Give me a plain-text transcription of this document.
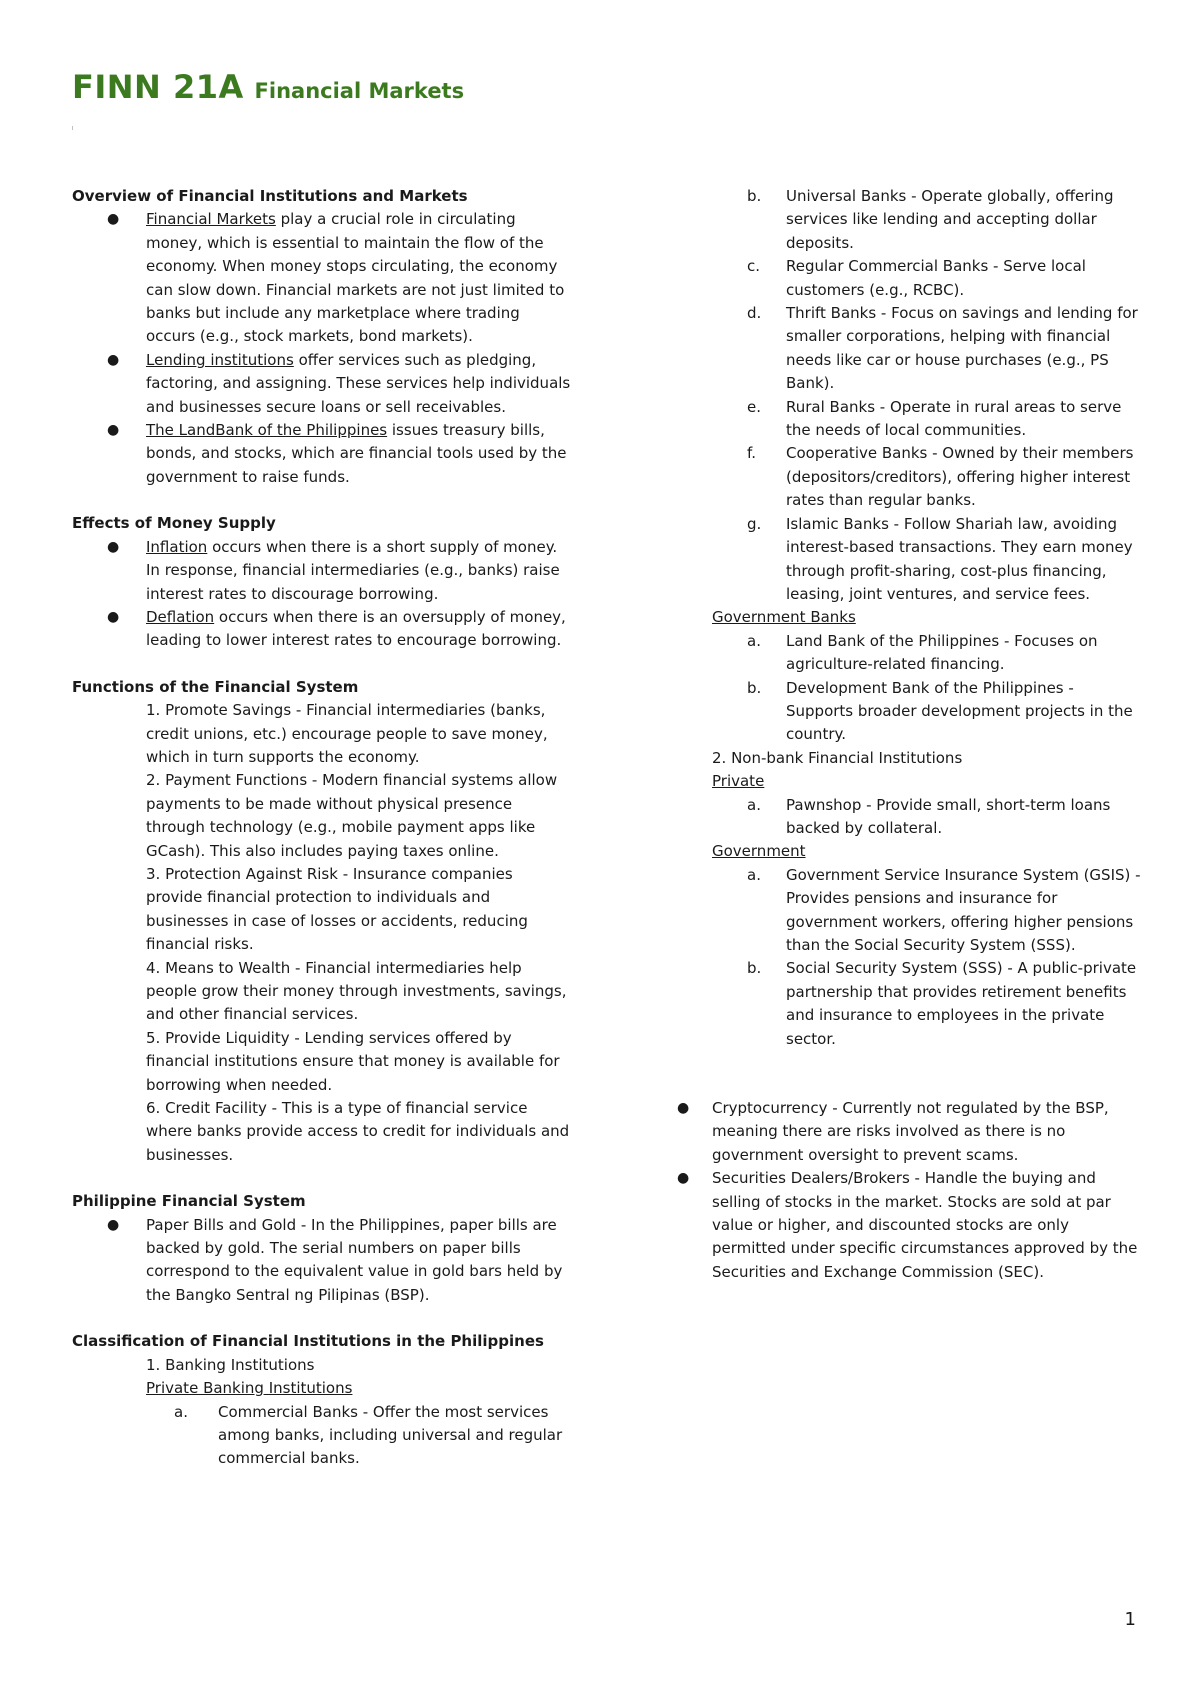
FINN 21A Financial Markets
Overview of Financial Institutions and Markets
● Financial Markets play a crucial role in circulating money, which is essential to maintain the flow of the economy. When money stops circulating, the economy can slow down. Financial markets are not just limited to banks but include any marketplace where trading occurs (e.g., stock markets, bond markets).
● Lending institutions offer services such as pledging, factoring, and assigning. These services help individuals and businesses secure loans or sell receivables.
● The LandBank of the Philippines issues treasury bills, bonds, and stocks, which are financial tools used by the government to raise funds.
Effects of Money Supply
● Inflation occurs when there is a short supply of money. In response, financial intermediaries (e.g., banks) raise interest rates to discourage borrowing.
● Deflation occurs when there is an oversupply of money, leading to lower interest rates to encourage borrowing.
Functions of the Financial System
1. Promote Savings - Financial intermediaries (banks, credit unions, etc.) encourage people to save money, which in turn supports the economy.
2. Payment Functions - Modern financial systems allow payments to be made without physical presence through technology (e.g., mobile payment apps like GCash). This also includes paying taxes online.
3. Protection Against Risk - Insurance companies provide financial protection to individuals and businesses in case of losses or accidents, reducing financial risks.
4. Means to Wealth - Financial intermediaries help people grow their money through investments, savings, and other financial services.
5. Provide Liquidity - Lending services offered by financial institutions ensure that money is available for borrowing when needed.
6. Credit Facility - This is a type of financial service where banks provide access to credit for individuals and businesses.
Philippine Financial System
● Paper Bills and Gold - In the Philippines, paper bills are backed by gold. The serial numbers on paper bills correspond to the equivalent value in gold bars held by the Bangko Sentral ng Pilipinas (BSP).
Classification of Financial Institutions in the Philippines
1. Banking Institutions
Private Banking Institutions
a. Commercial Banks - Offer the most services among banks, including universal and regular commercial banks.
b. Universal Banks - Operate globally, offering services like lending and accepting dollar deposits.
c. Regular Commercial Banks - Serve local customers (e.g., RCBC).
d. Thrift Banks - Focus on savings and lending for smaller corporations, helping with financial needs like car or house purchases (e.g., PS Bank).
e. Rural Banks - Operate in rural areas to serve the needs of local communities.
f. Cooperative Banks - Owned by their members (depositors/creditors), offering higher interest rates than regular banks.
g. Islamic Banks - Follow Shariah law, avoiding interest-based transactions. They earn money through profit-sharing, cost-plus financing, leasing, joint ventures, and service fees.
Government Banks
a. Land Bank of the Philippines - Focuses on agriculture-related financing.
b. Development Bank of the Philippines - Supports broader development projects in the country.
2. Non-bank Financial Institutions
Private
a. Pawnshop - Provide small, short-term loans backed by collateral.
Government
a. Government Service Insurance System (GSIS) - Provides pensions and insurance for government workers, offering higher pensions than the Social Security System (SSS).
b. Social Security System (SSS) - A public-private partnership that provides retirement benefits and insurance to employees in the private sector.
● Cryptocurrency - Currently not regulated by the BSP, meaning there are risks involved as there is no government oversight to prevent scams.
● Securities Dealers/Brokers - Handle the buying and selling of stocks in the market. Stocks are sold at par value or higher, and discounted stocks are only permitted under specific circumstances approved by the Securities and Exchange Commission (SEC).
1
